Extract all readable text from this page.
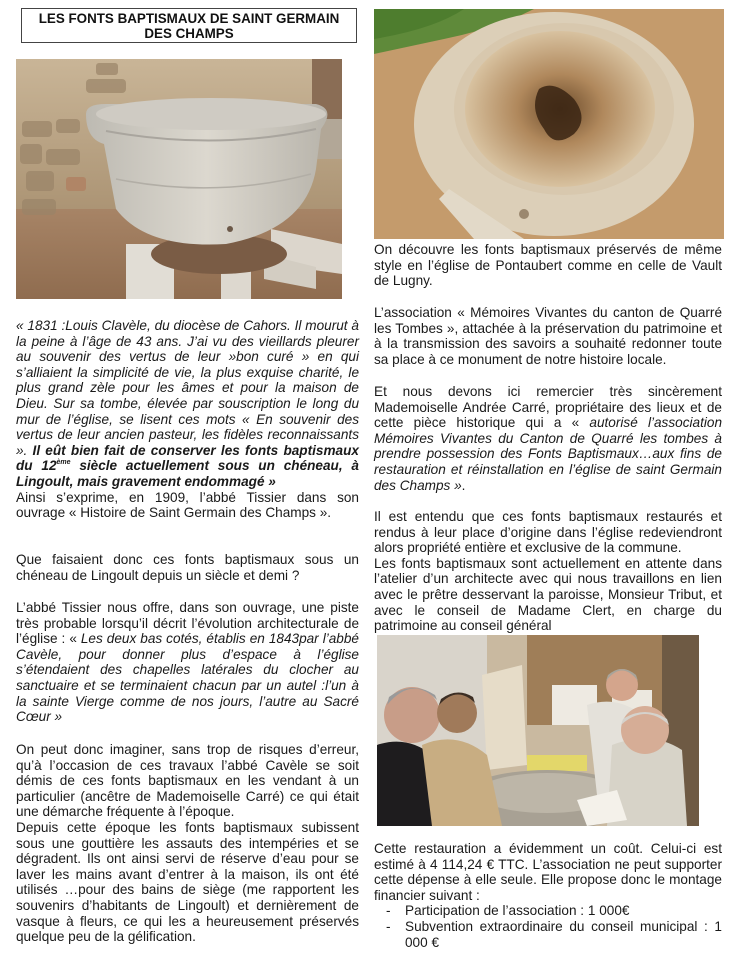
LES FONTS BAPTISMAUX DE SAINT GERMAIN
DES CHAMPS

On découvre les fonts baptismaux préservés de même style en l’église de Pontaubert comme en celle de Vault de Lugny.

L’association « Mémoires Vivantes du canton de Quarré les Tombes », attachée à la préservation du patrimoine et à la transmission des savoirs a souhaité redonner toute sa place à ce monument de notre histoire locale.

Et nous devons ici remercier très sincèrement Mademoiselle Andrée Carré, propriétaire des lieux et de cette pièce historique qui a « autorisé l’association Mémoires Vivantes du Canton de Quarré les tombes à prendre possession des Fonts Baptismaux…aux fins de restauration et réinstallation en l’église de saint Germain des Champs ».

Il est entendu que ces fonts baptismaux restaurés et rendus à leur place d’origine dans l’église redeviendront alors propriété entière et exclusive de la commune.

Les fonts baptismaux sont actuellement en attente dans l’atelier d’un architecte avec qui nous travaillons en lien avec le prêtre desservant la paroisse, Monsieur Tribut, et avec le conseil de Madame Clert, en charge du patrimoine au conseil général

Cette restauration a évidemment un coût. Celui-ci est estimé à 4 114,24 € TTC. L’association ne peut supporter cette dépense à elle seule. Elle propose donc le montage financier suivant :

- Participation de l’association : 1 000€
- Subvention extraordinaire du conseil municipal : 1 000 €

« 1831 :Louis Clavèle, du diocèse de Cahors. Il mourut à la peine à l’âge de 43 ans. J’ai vu des vieillards pleurer au souvenir des vertus de leur »bon curé » en qui s’alliaient la simplicité de vie, la plus exquise charité, le plus grand zèle pour les âmes et pour la maison de Dieu. Sur sa tombe, élevée par souscription le long du mur de l’église, se lisent ces mots « En souvenir des vertus de leur ancien pasteur, les fidèles reconnaissants ». Il eût bien fait de conserver les fonts baptismaux du 12ème siècle actuellement sous un chéneau, à Lingoult, mais gravement endommagé »

Ainsi s’exprime, en 1909, l’abbé Tissier dans son ouvrage « Histoire de Saint Germain des Champs ».

Que faisaient donc ces fonts baptismaux sous un chéneau de Lingoult depuis un siècle et demi ?

L’abbé Tissier nous offre, dans son ouvrage, une piste très probable lorsqu’il décrit l’évolution architecturale de l’église : « Les deux bas cotés, établis en 1843par l’abbé Cavèle, pour donner plus d’espace à l’église s’étendaient des chapelles latérales du clocher au sanctuaire et se terminaient chacun par un autel :l’un à la sainte Vierge comme de nos jours, l’autre au Sacré Cœur »

On peut donc imaginer, sans trop de risques d’erreur, qu’à l’occasion de ces travaux l’abbé Cavèle se soit démis de ces fonts baptismaux en les vendant à un particulier (ancêtre de Mademoiselle Carré) ce qui était une démarche fréquente à l’époque.

Depuis cette époque les fonts baptismaux subissent sous une gouttière les assauts des intempéries et se dégradent. Ils ont ainsi servi de réserve d’eau pour se laver les mains avant d’entrer à la maison, ils ont été utilisés …pour des bains de siège (me rapportent les souvenirs d’habitants de Lingoult) et dernièrement de vasque à fleurs, ce qui les a heureusement préservés quelque peu de la gélification.
